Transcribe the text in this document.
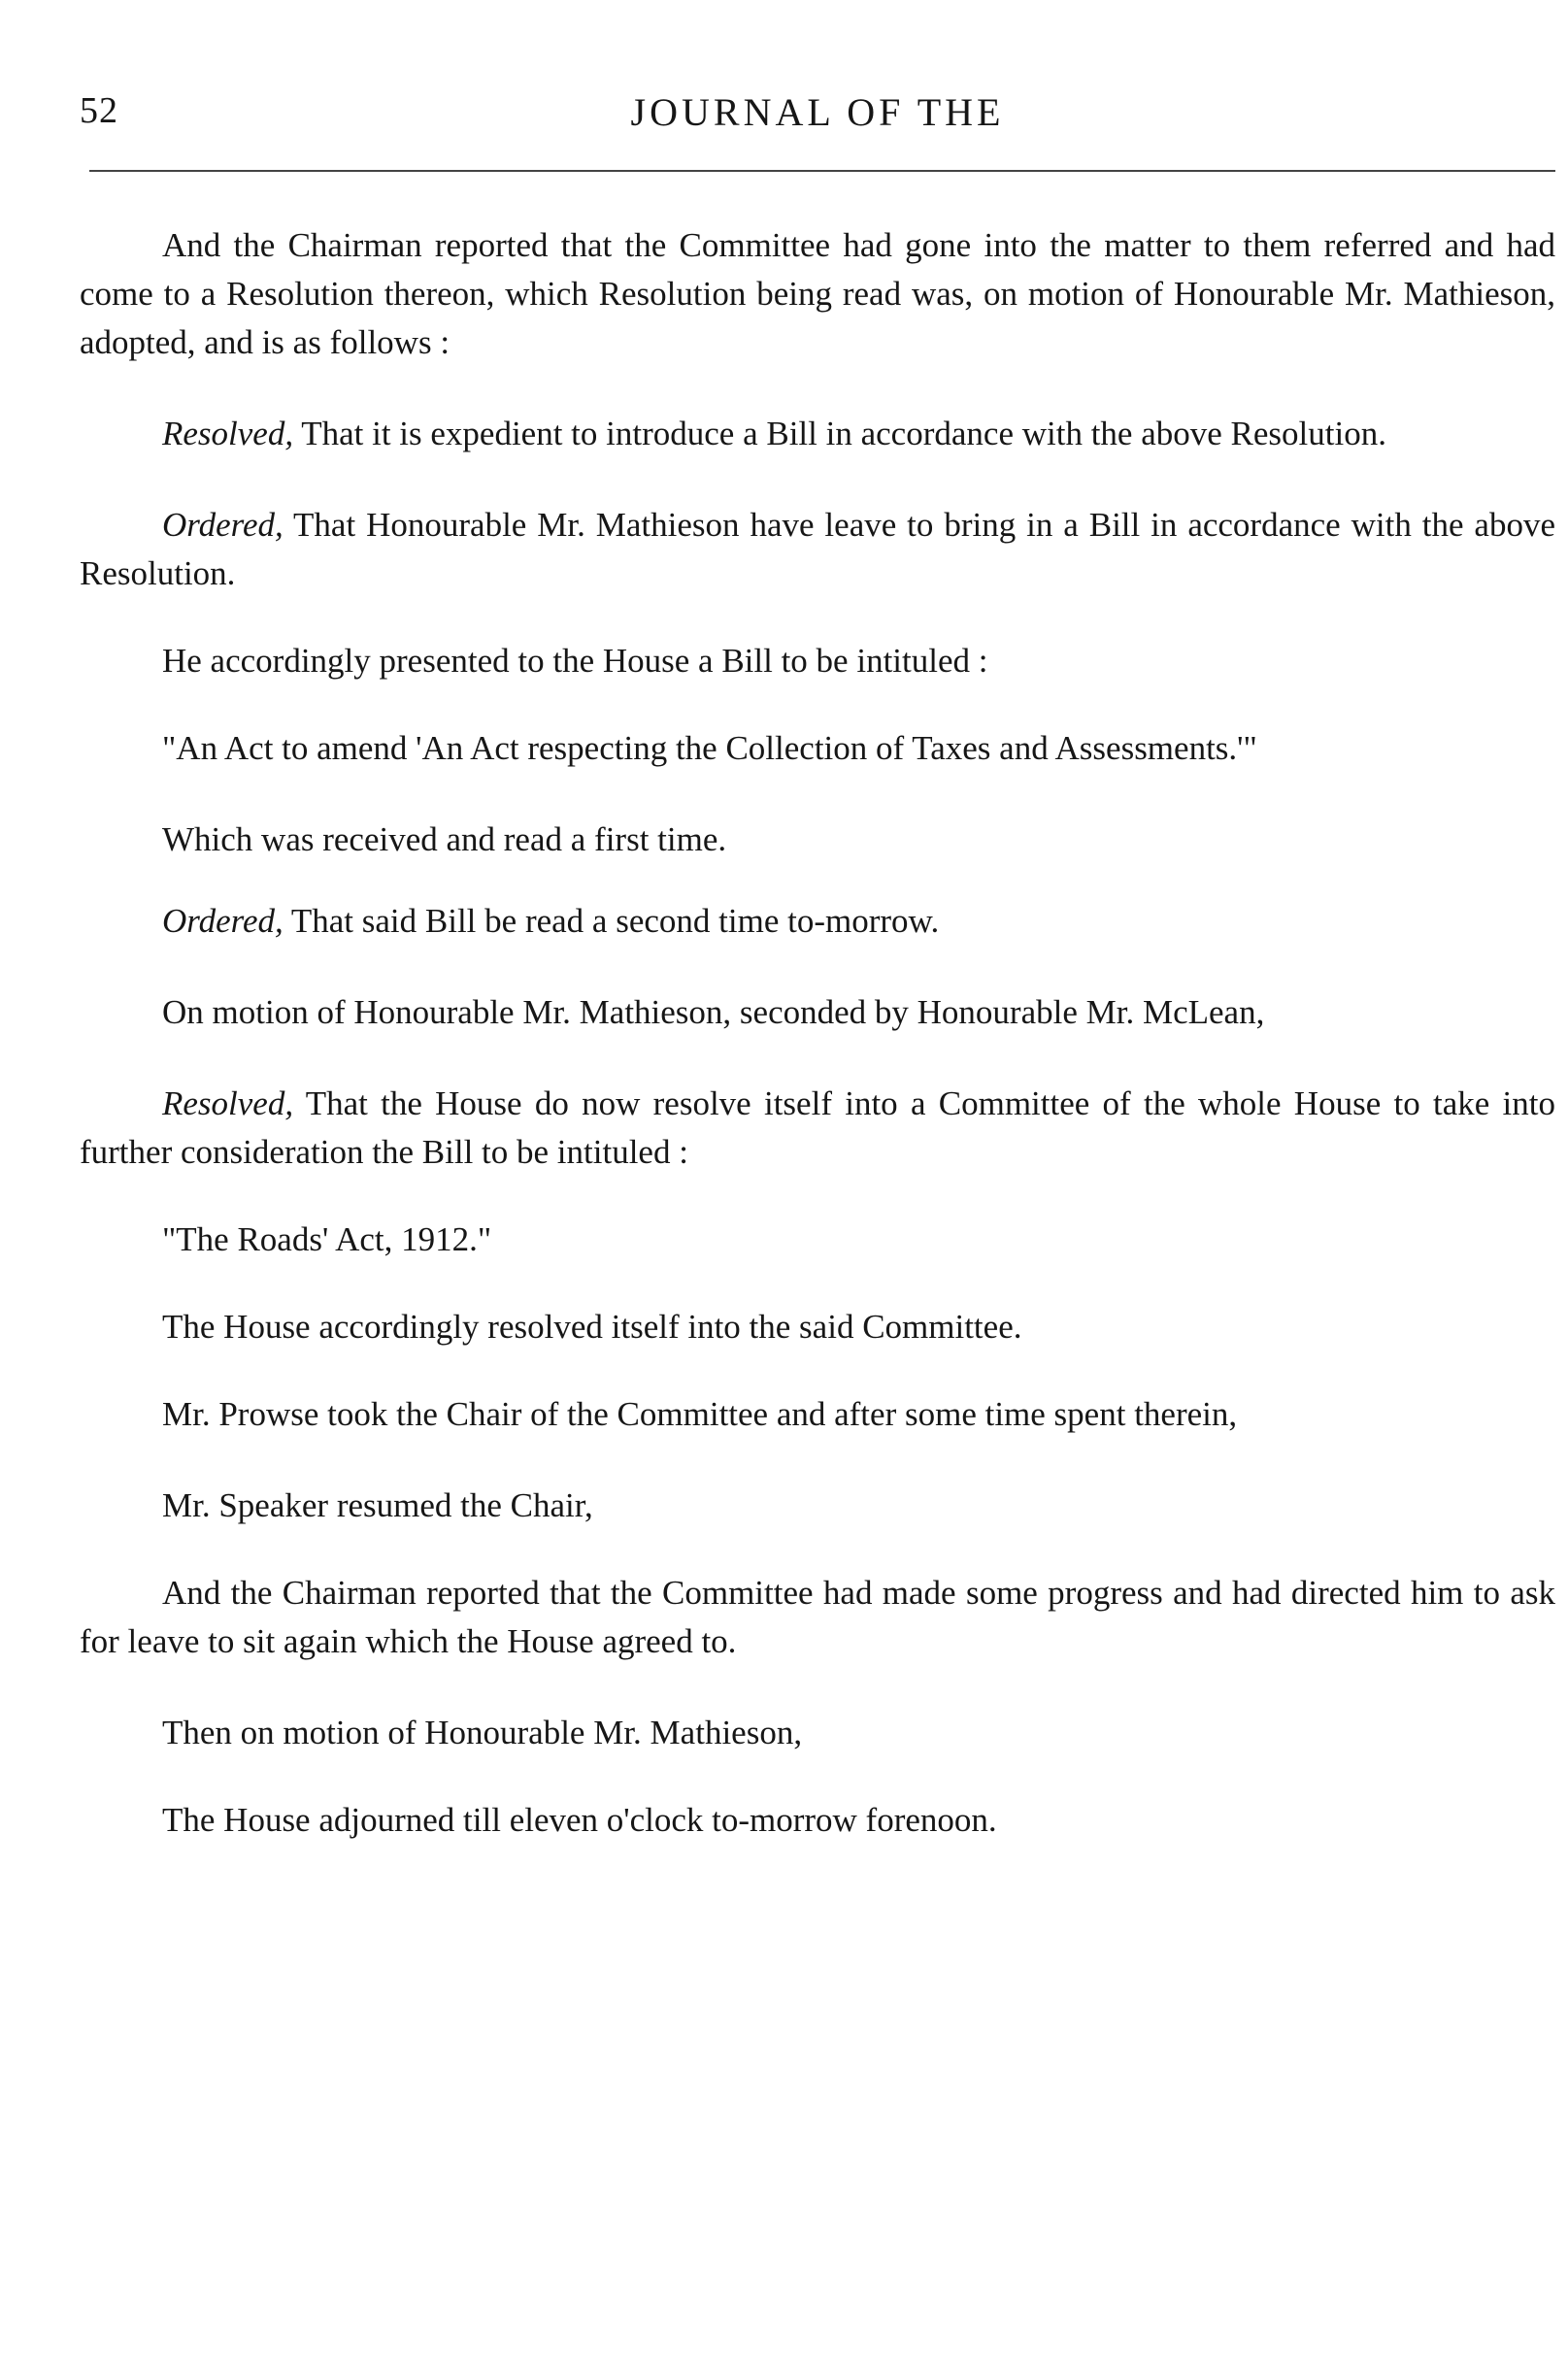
52	JOURNAL OF THE

And the Chairman reported that the Committee had gone into the matter to them referred and had come to a Resolution thereon, which Resolution being read was, on motion of Honourable Mr. Mathieson, adopted, and is as follows :

Resolved, That it is expedient to introduce a Bill in accordance with the above Resolution.

Ordered, That Honourable Mr. Mathieson have leave to bring in a Bill in accordance with the above Resolution.

He accordingly presented to the House a Bill to be intituled :

"An Act to amend 'An Act respecting the Collection of Taxes and Assessments.'"

Which was received and read a first time.

Ordered, That said Bill be read a second time to-morrow.

On motion of Honourable Mr. Mathieson, seconded by Honourable Mr. McLean,

Resolved, That the House do now resolve itself into a Committee of the whole House to take into further consideration the Bill to be intituled :

"The Roads' Act, 1912."

The House accordingly resolved itself into the said Committee.

Mr. Prowse took the Chair of the Committee and after some time spent therein,

Mr. Speaker resumed the Chair,

And the Chairman reported that the Committee had made some progress and had directed him to ask for leave to sit again which the House agreed to.

Then on motion of Honourable Mr. Mathieson,

The House adjourned till eleven o'clock to-morrow forenoon.
